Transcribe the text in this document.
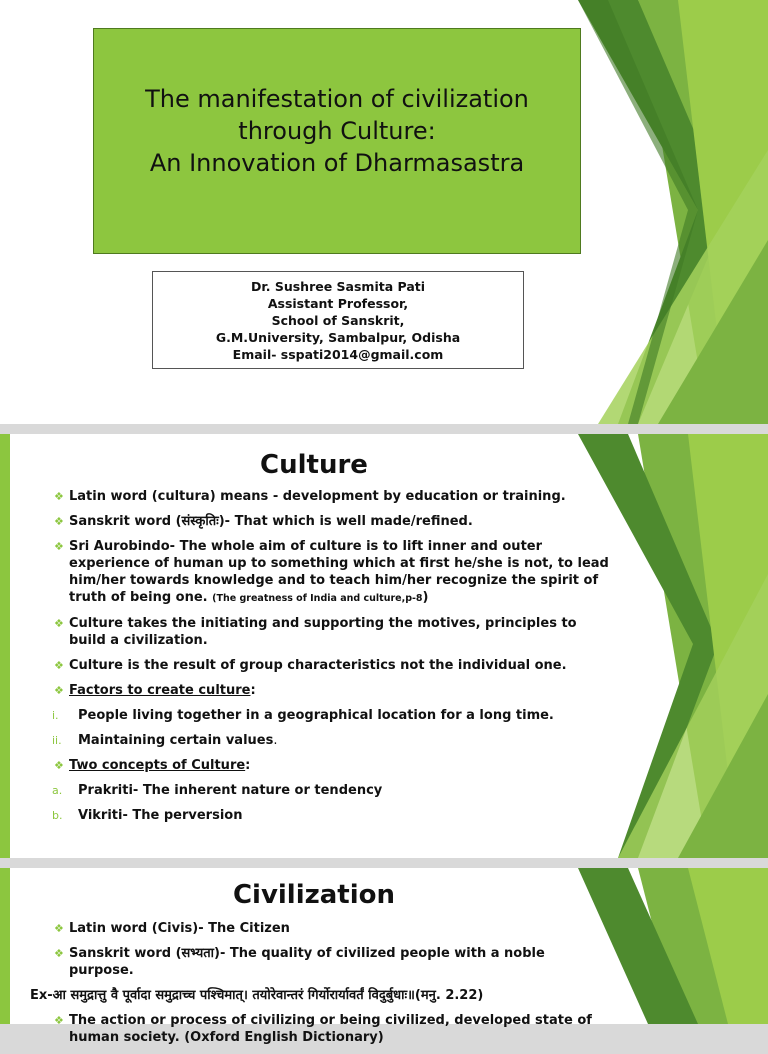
The manifestation of civilization
through Culture:
An Innovation of Dharmasastra
Dr. Sushree Sasmita Pati
Assistant Professor,
School of Sanskrit,
G.M.University, Sambalpur, Odisha
Email- sspati2014@gmail.com
Culture
❖ Latin word (cultura) means - development by education or training.
❖ Sanskrit word (संस्कृतिः)- That which is well made/refined.
❖ Sri Aurobindo- The whole aim of culture is to lift inner and outer experience of human up to something which at first he/she is not, to lead him/her towards knowledge and to teach him/her recognize the spirit of truth of being one. (The greatness of India and culture,p-8)
❖ Culture takes the initiating and supporting the motives, principles to build a civilization.
❖ Culture is the result of group characteristics not the individual one.
❖ Factors to create culture:
i.	People living together in a geographical location for a long time.
ii.	Maintaining certain values.
❖ Two concepts of Culture:
a.	Prakriti- The inherent nature or tendency
b.	Vikriti- The perversion
Civilization
❖ Latin word (Civis)- The Citizen
❖ Sanskrit word (सभ्यता)- The quality of civilized people with a noble purpose.
Ex-आ समुद्रात्तु वै पूर्वादा समुद्राच्च पश्चिमात्। तयोरेवान्तरं गिर्योरार्यावर्तं विदुर्बुधाः॥(मनु. 2.22)
❖ The action or process of civilizing or being civilized, developed state of human society. (Oxford English Dictionary)
